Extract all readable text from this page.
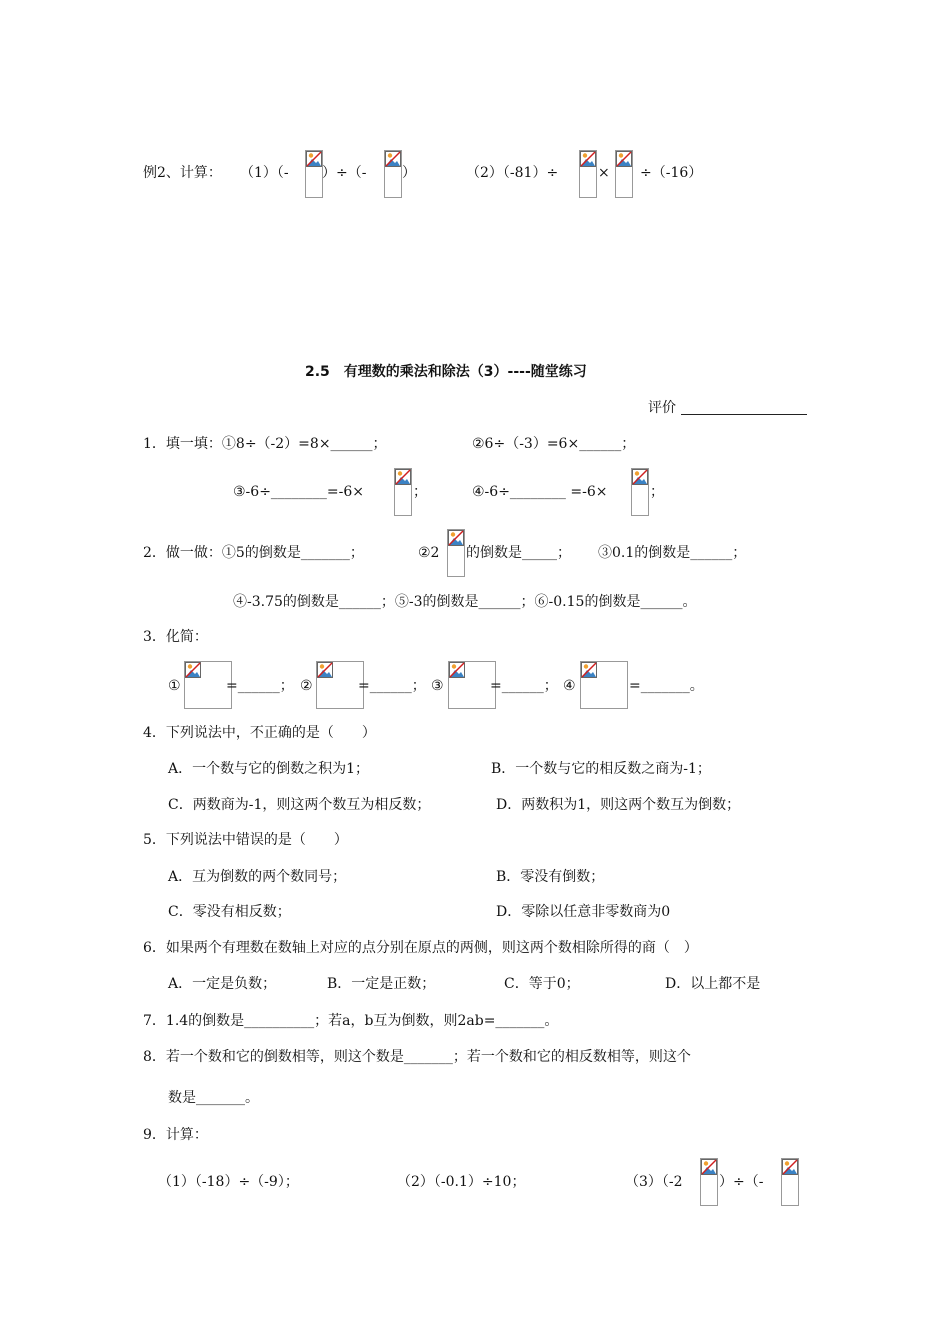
例2、计算： （1）（- ）÷（-	）	（2）（-81）÷	× ÷（-16）
2.5　有理数的乘法和除法（3）----随堂练习
评价
1．填一填：①8÷（-2）=8×______；	②6÷（-3）=6×______；
③-6÷________=-6×	；	④-6÷________ =-6×	；
2．做一做：①5的倒数是_______；	②2 的倒数是_____； ③0.1的倒数是______；
④-3.75的倒数是______；⑤-3的倒数是______；⑥-0.15的倒数是______。
3．化简：
①	=______； ②	=______； ③	=______； ④	=_______。
4．下列说法中，不正确的是（　　）
A．一个数与它的倒数之积为1；	B．一个数与它的相反数之商为-1；
C．两数商为-1，则这两个数互为相反数；	D．两数积为1，则这两个数互为倒数；
5．下列说法中错误的是（　　）
A．互为倒数的两个数同号；	B．零没有倒数；
C．零没有相反数；	D．零除以任意非零数商为0
6．如果两个有理数在数轴上对应的点分别在原点的两侧，则这两个数相除所得的商（　）
A．一定是负数；	B．一定是正数；	C．等于0；	D．以上都不是
7．1.4的倒数是__________；若a，b互为倒数，则2ab=_______。
8．若一个数和它的倒数相等，则这个数是_______；若一个数和它的相反数相等，则这个
数是_______。
9．计算：
（1）（-18）÷（-9）；	（2）（-0.1）÷10；	（3）（-2	）÷（-
